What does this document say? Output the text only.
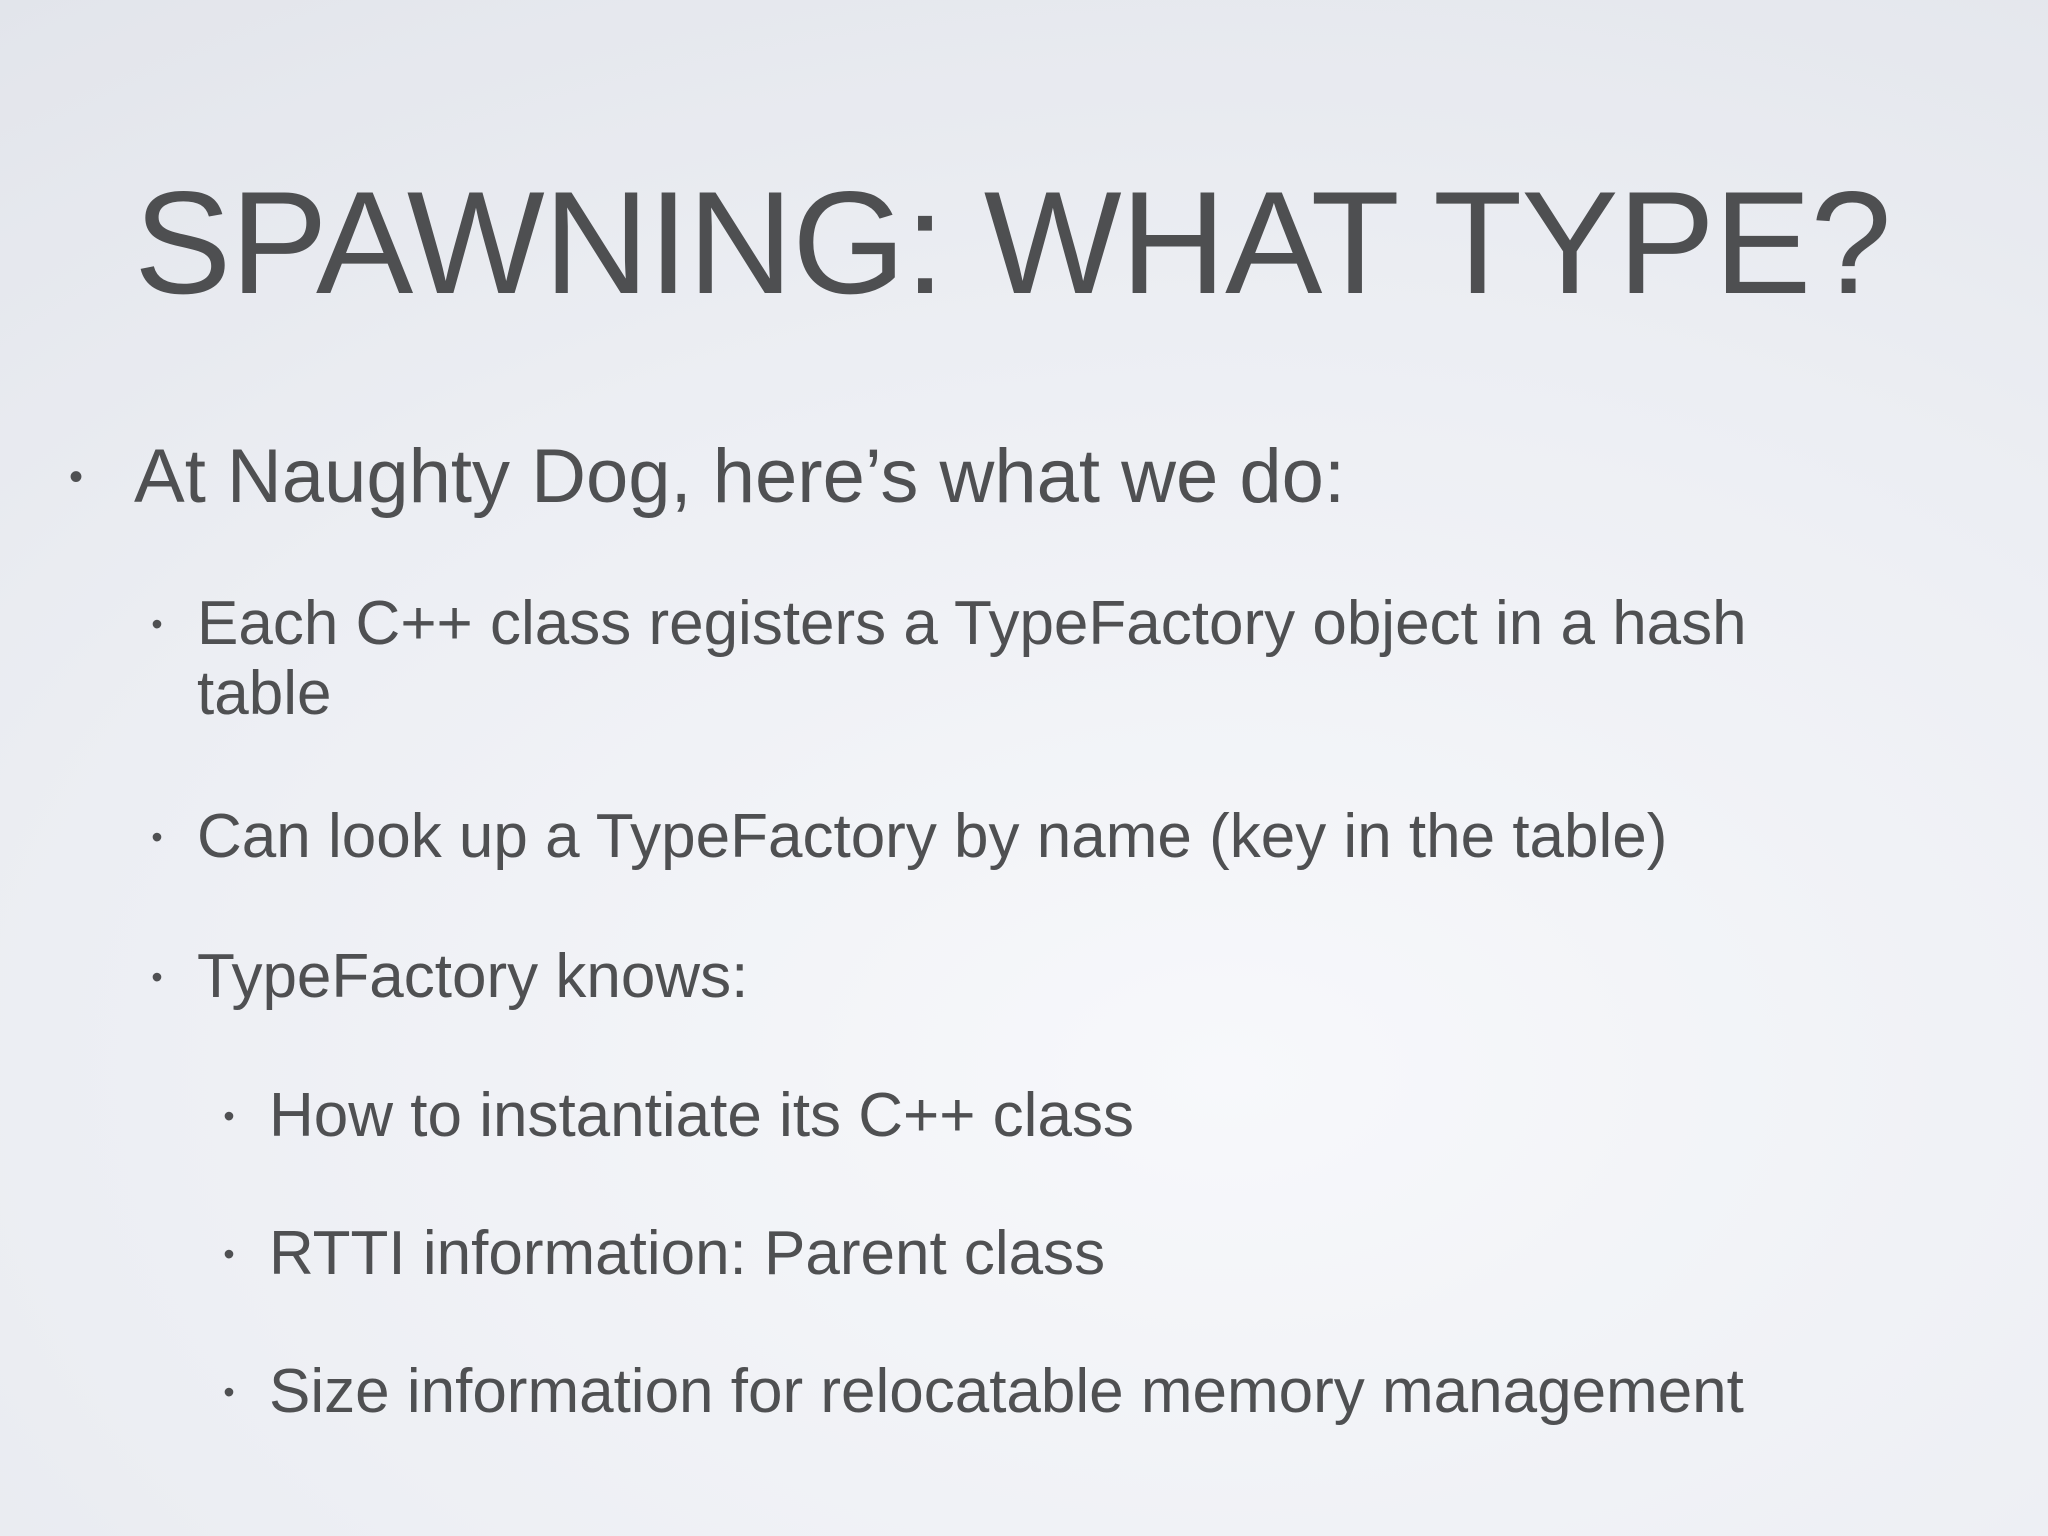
SPAWNING: WHAT TYPE?
• At Naughty Dog, here’s what we do:
• Each C++ class registers a TypeFactory object in a hash
table
• Can look up a TypeFactory by name (key in the table)
• TypeFactory knows:
• How to instantiate its C++ class
• RTTI information: Parent class
• Size information for relocatable memory management
